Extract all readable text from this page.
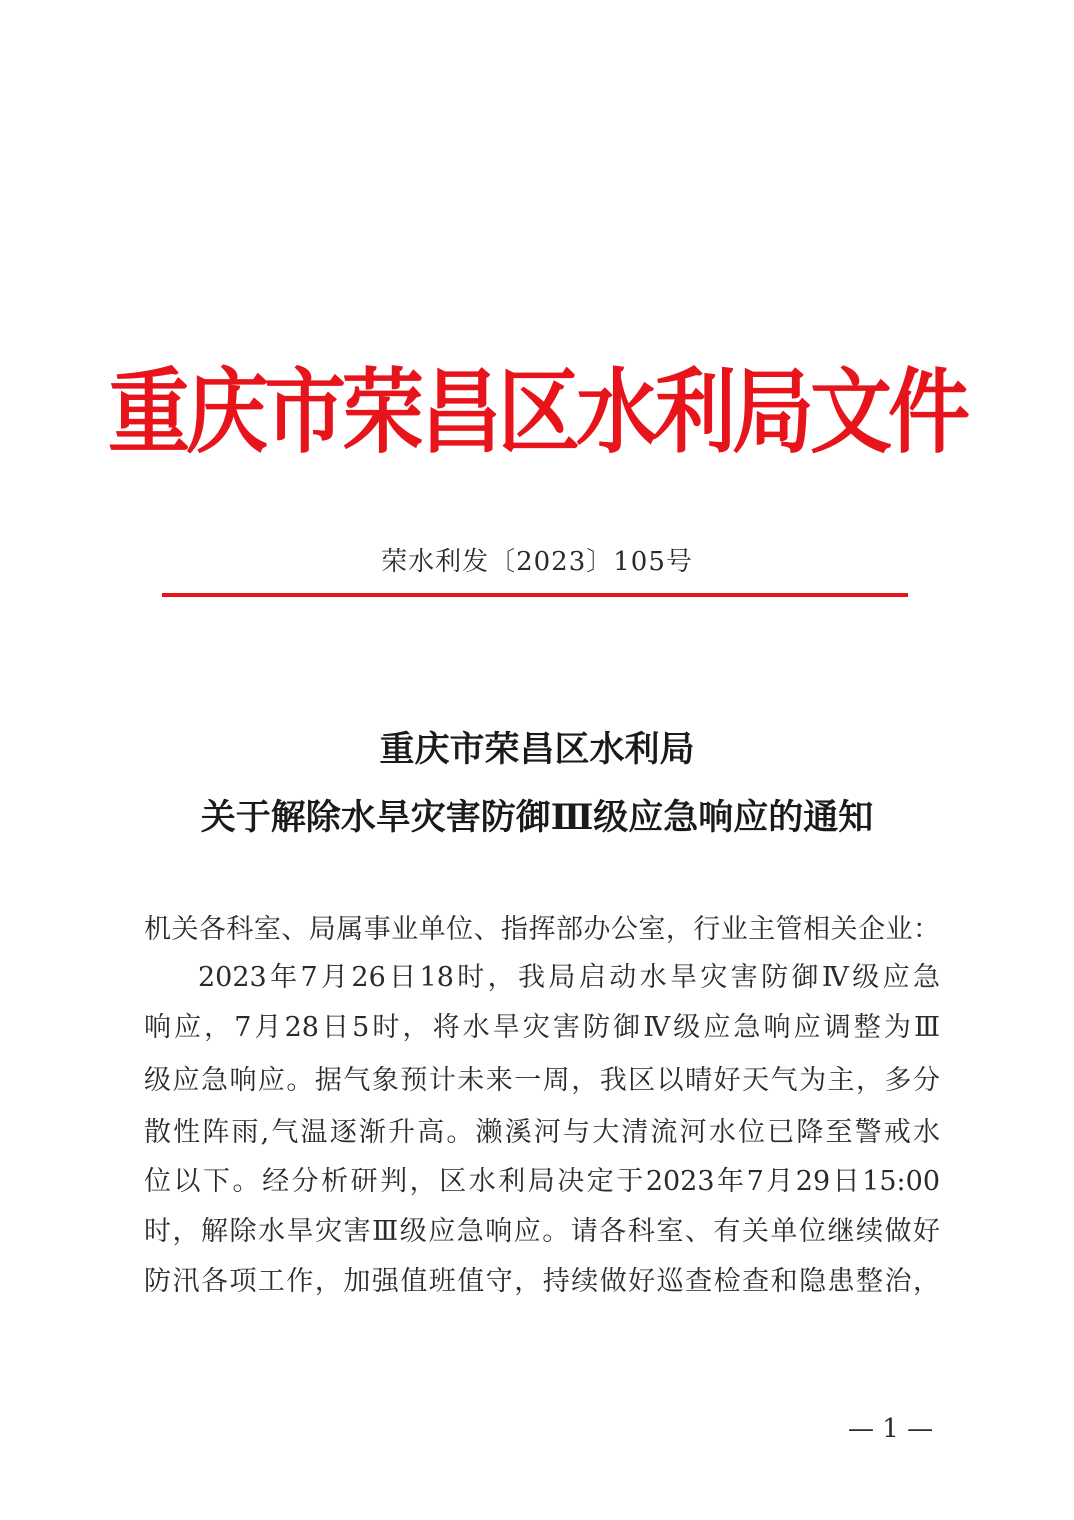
重庆市荣昌区水利局文件
荣水利发〔2023〕105号
重庆市荣昌区水利局
关于解除水旱灾害防御Ⅲ级应急响应的通知
机关各科室、局属事业单位、指挥部办公室，行业主管相关企业：
2023年7月26日18时，我局启动水旱灾害防御Ⅳ级应急
响应，7月28日5时，将水旱灾害防御Ⅳ级应急响应调整为Ⅲ
级应急响应。据气象预计未来一周，我区以晴好天气为主，多分
散性阵雨,气温逐渐升高。濑溪河与大清流河水位已降至警戒水
位以下。经分析研判，区水利局决定于2023年7月29日15:00
时，解除水旱灾害Ⅲ级应急响应。请各科室、有关单位继续做好
防汛各项工作，加强值班值守，持续做好巡查检查和隐患整治，
— 1 —
